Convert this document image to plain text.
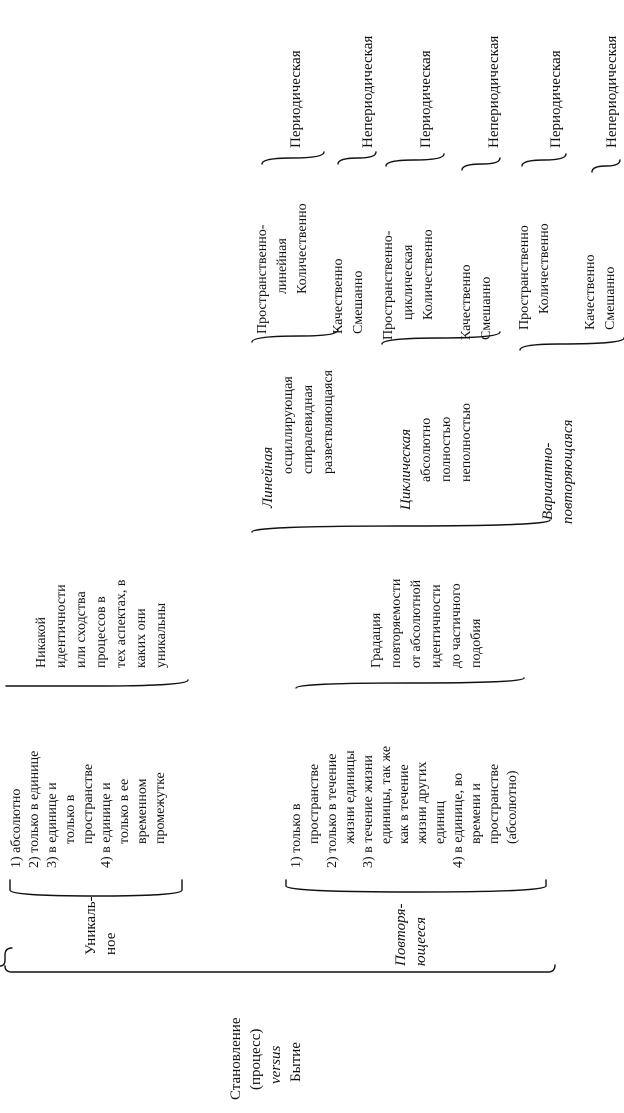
Становление (процесс) versus Бытие
Уникаль- ное
1) абсолютно 2) только в единице 3) в единице и только в пространстве 4) в единице и только в ее временном промежутке
Никакой идентичности или сходства процессов в тех аспектах, в каких они уникальны
Повторя- ющееся
1) только в пространстве 2) только в течение жизни единицы 3) в течение жизни единицы, так же как в течение жизни других единиц 4) в единице, во времени и пространстве (абсолютно)
Градация повторяемости от абсолютной идентичности до частичного подобия
Линейная
осциллирующая спиралевидная разветвляющаяся
Пространственно- линейная Количественно
Качественно Смешанно
Циклическая абсолютно полностью неполностью
Пространственно- циклическая Количественно Качественно Смешанно
Вариантно- повторяющаяся
Пространственно Количественно Качественно Смешанно
Периодическая	Непериодическая	Периодическая	Непериодическая	Периодическая	Непериодическая
